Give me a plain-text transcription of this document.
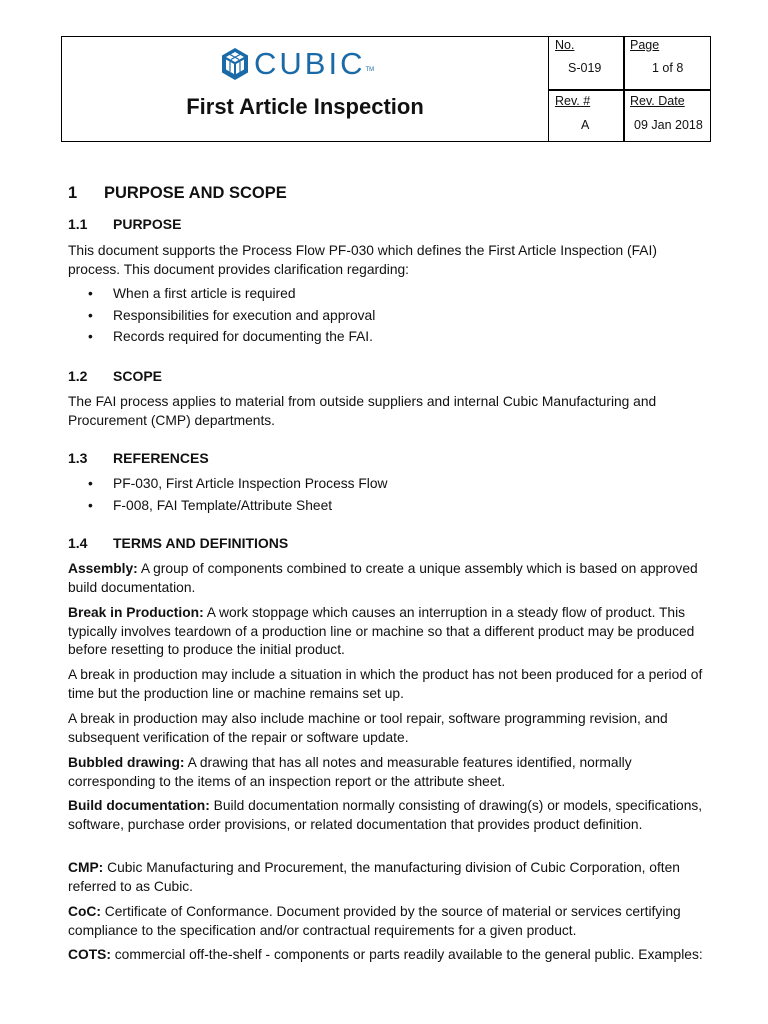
CUBIC TM
First Article Inspection
No.
S-019
Page
1 of 8
Rev. #
A
Rev. Date
09 Jan 2018
1 PURPOSE AND SCOPE
1.1 PURPOSE
This document supports the Process Flow PF-030 which defines the First Article Inspection (FAI) process. This document provides clarification regarding:
• When a first article is required
• Responsibilities for execution and approval
• Records required for documenting the FAI.
1.2 SCOPE
The FAI process applies to material from outside suppliers and internal Cubic Manufacturing and Procurement (CMP) departments.
1.3 REFERENCES
• PF-030, First Article Inspection Process Flow
• F-008, FAI Template/Attribute Sheet
1.4 TERMS AND DEFINITIONS
Assembly: A group of components combined to create a unique assembly which is based on approved build documentation.
Break in Production: A work stoppage which causes an interruption in a steady flow of product. This typically involves teardown of a production line or machine so that a different product may be produced before resetting to produce the initial product.
A break in production may include a situation in which the product has not been produced for a period of time but the production line or machine remains set up.
A break in production may also include machine or tool repair, software programming revision, and subsequent verification of the repair or software update.
Bubbled drawing: A drawing that has all notes and measurable features identified, normally corresponding to the items of an inspection report or the attribute sheet.
Build documentation: Build documentation normally consisting of drawing(s) or models, specifications, software, purchase order provisions, or related documentation that provides product definition.
CMP: Cubic Manufacturing and Procurement, the manufacturing division of Cubic Corporation, often referred to as Cubic.
CoC: Certificate of Conformance. Document provided by the source of material or services certifying compliance to the specification and/or contractual requirements for a given product.
COTS: commercial off-the-shelf - components or parts readily available to the general public. Examples:
